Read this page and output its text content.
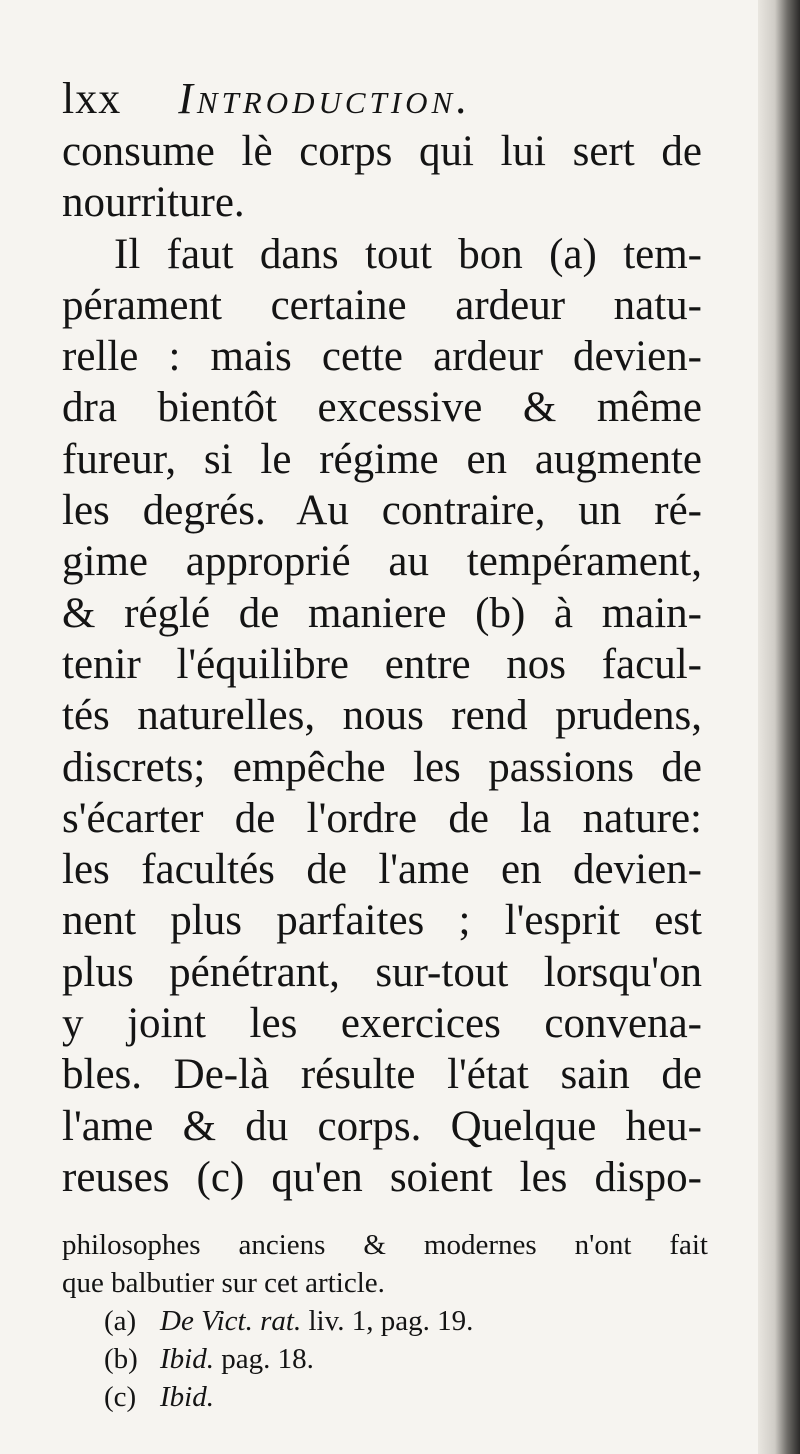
lxx Introduction.
consume lè corps qui lui sert de
nourriture.
Il faut dans tout bon (a) tem-
pérament certaine ardeur natu-
relle : mais cette ardeur devien-
dra bientôt excessive & même
fureur, si le régime en augmente
les degrés. Au contraire, un ré-
gime approprié au tempérament,
& réglé de maniere (b) à main-
tenir l'équilibre entre nos facul-
tés naturelles, nous rend prudens,
discrets; empêche les passions de
s'écarter de l'ordre de la nature:
les facultés de l'ame en devien-
nent plus parfaites ; l'esprit est
plus pénétrant, sur-tout lorsqu'on
y joint les exercices convena-
bles. De-là résulte l'état sain de
l'ame & du corps. Quelque heu-
reuses (c) qu'en soient les dispo-
philosophes anciens & modernes n'ont fait
que balbutier sur cet article.
(a) De Vict. rat. liv. 1, pag. 19.
(b) Ibid. pag. 18.
(c) Ibid.
